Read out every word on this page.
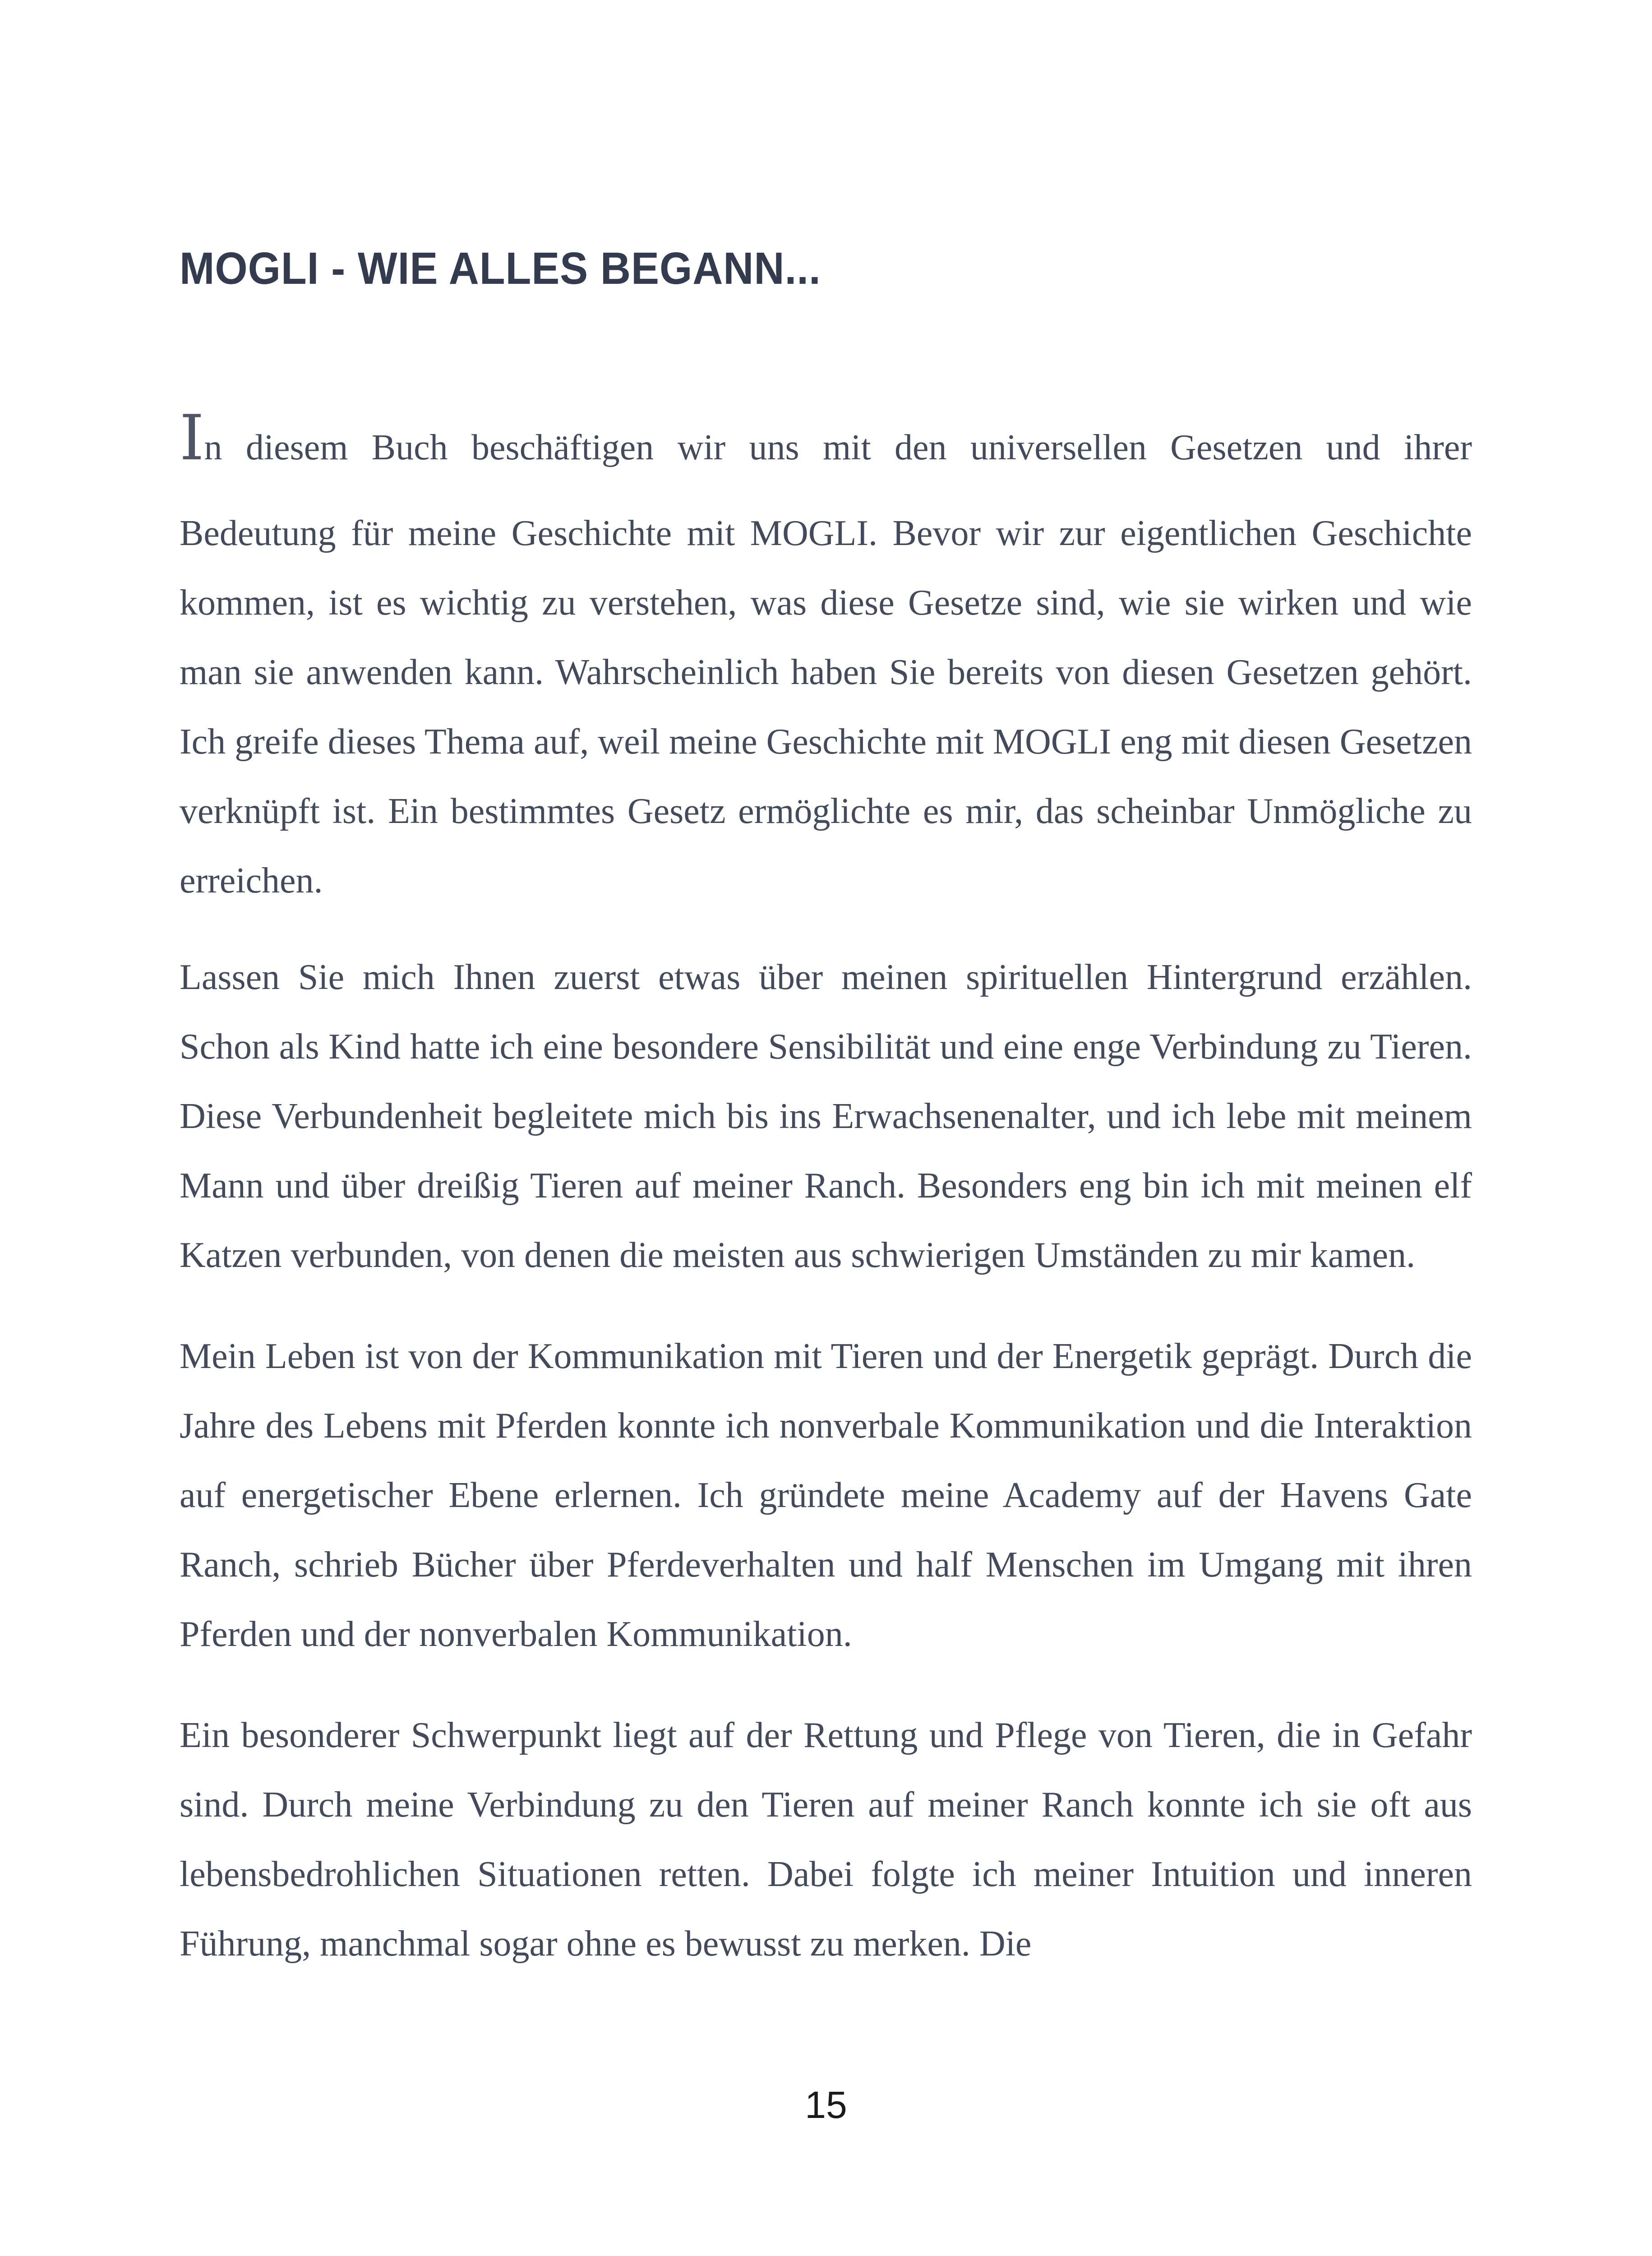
MOGLI - WIE ALLES BEGANN...

In diesem Buch beschäftigen wir uns mit den universellen Gesetzen und ihrer
Bedeutung für meine Geschichte mit MOGLI. Bevor wir zur eigentlichen Geschichte kommen, ist es wichtig zu verstehen, was diese Gesetze sind, wie sie wirken und wie man sie anwenden kann. Wahrscheinlich haben Sie bereits von diesen Gesetzen gehört. Ich greife dieses Thema auf, weil meine Geschichte mit MOGLI eng mit diesen Gesetzen verknüpft ist. Ein bestimmtes Gesetz ermöglichte es mir, das scheinbar Unmögliche zu erreichen.

Lassen Sie mich Ihnen zuerst etwas über meinen spirituellen Hintergrund erzählen. Schon als Kind hatte ich eine besondere Sensibilität und eine enge Verbindung zu Tieren. Diese Verbundenheit begleitete mich bis ins Erwachsenenalter, und ich lebe mit meinem Mann und über dreißig Tieren auf meiner Ranch. Besonders eng bin ich mit meinen elf Katzen verbunden, von denen die meisten aus schwierigen Umständen zu mir kamen.

Mein Leben ist von der Kommunikation mit Tieren und der Energetik geprägt. Durch die Jahre des Lebens mit Pferden konnte ich nonverbale Kommunikation und die Interaktion auf energetischer Ebene erlernen. Ich gründete meine Academy auf der Havens Gate Ranch, schrieb Bücher über Pferdeverhalten und half Menschen im Umgang mit ihren Pferden und der nonverbalen Kommunikation.

Ein besonderer Schwerpunkt liegt auf der Rettung und Pflege von Tieren, die in Gefahr sind. Durch meine Verbindung zu den Tieren auf meiner Ranch konnte ich sie oft aus lebensbedrohlichen Situationen retten. Dabei folgte ich meiner Intuition und inneren Führung, manchmal sogar ohne es bewusst zu merken. Die

15
